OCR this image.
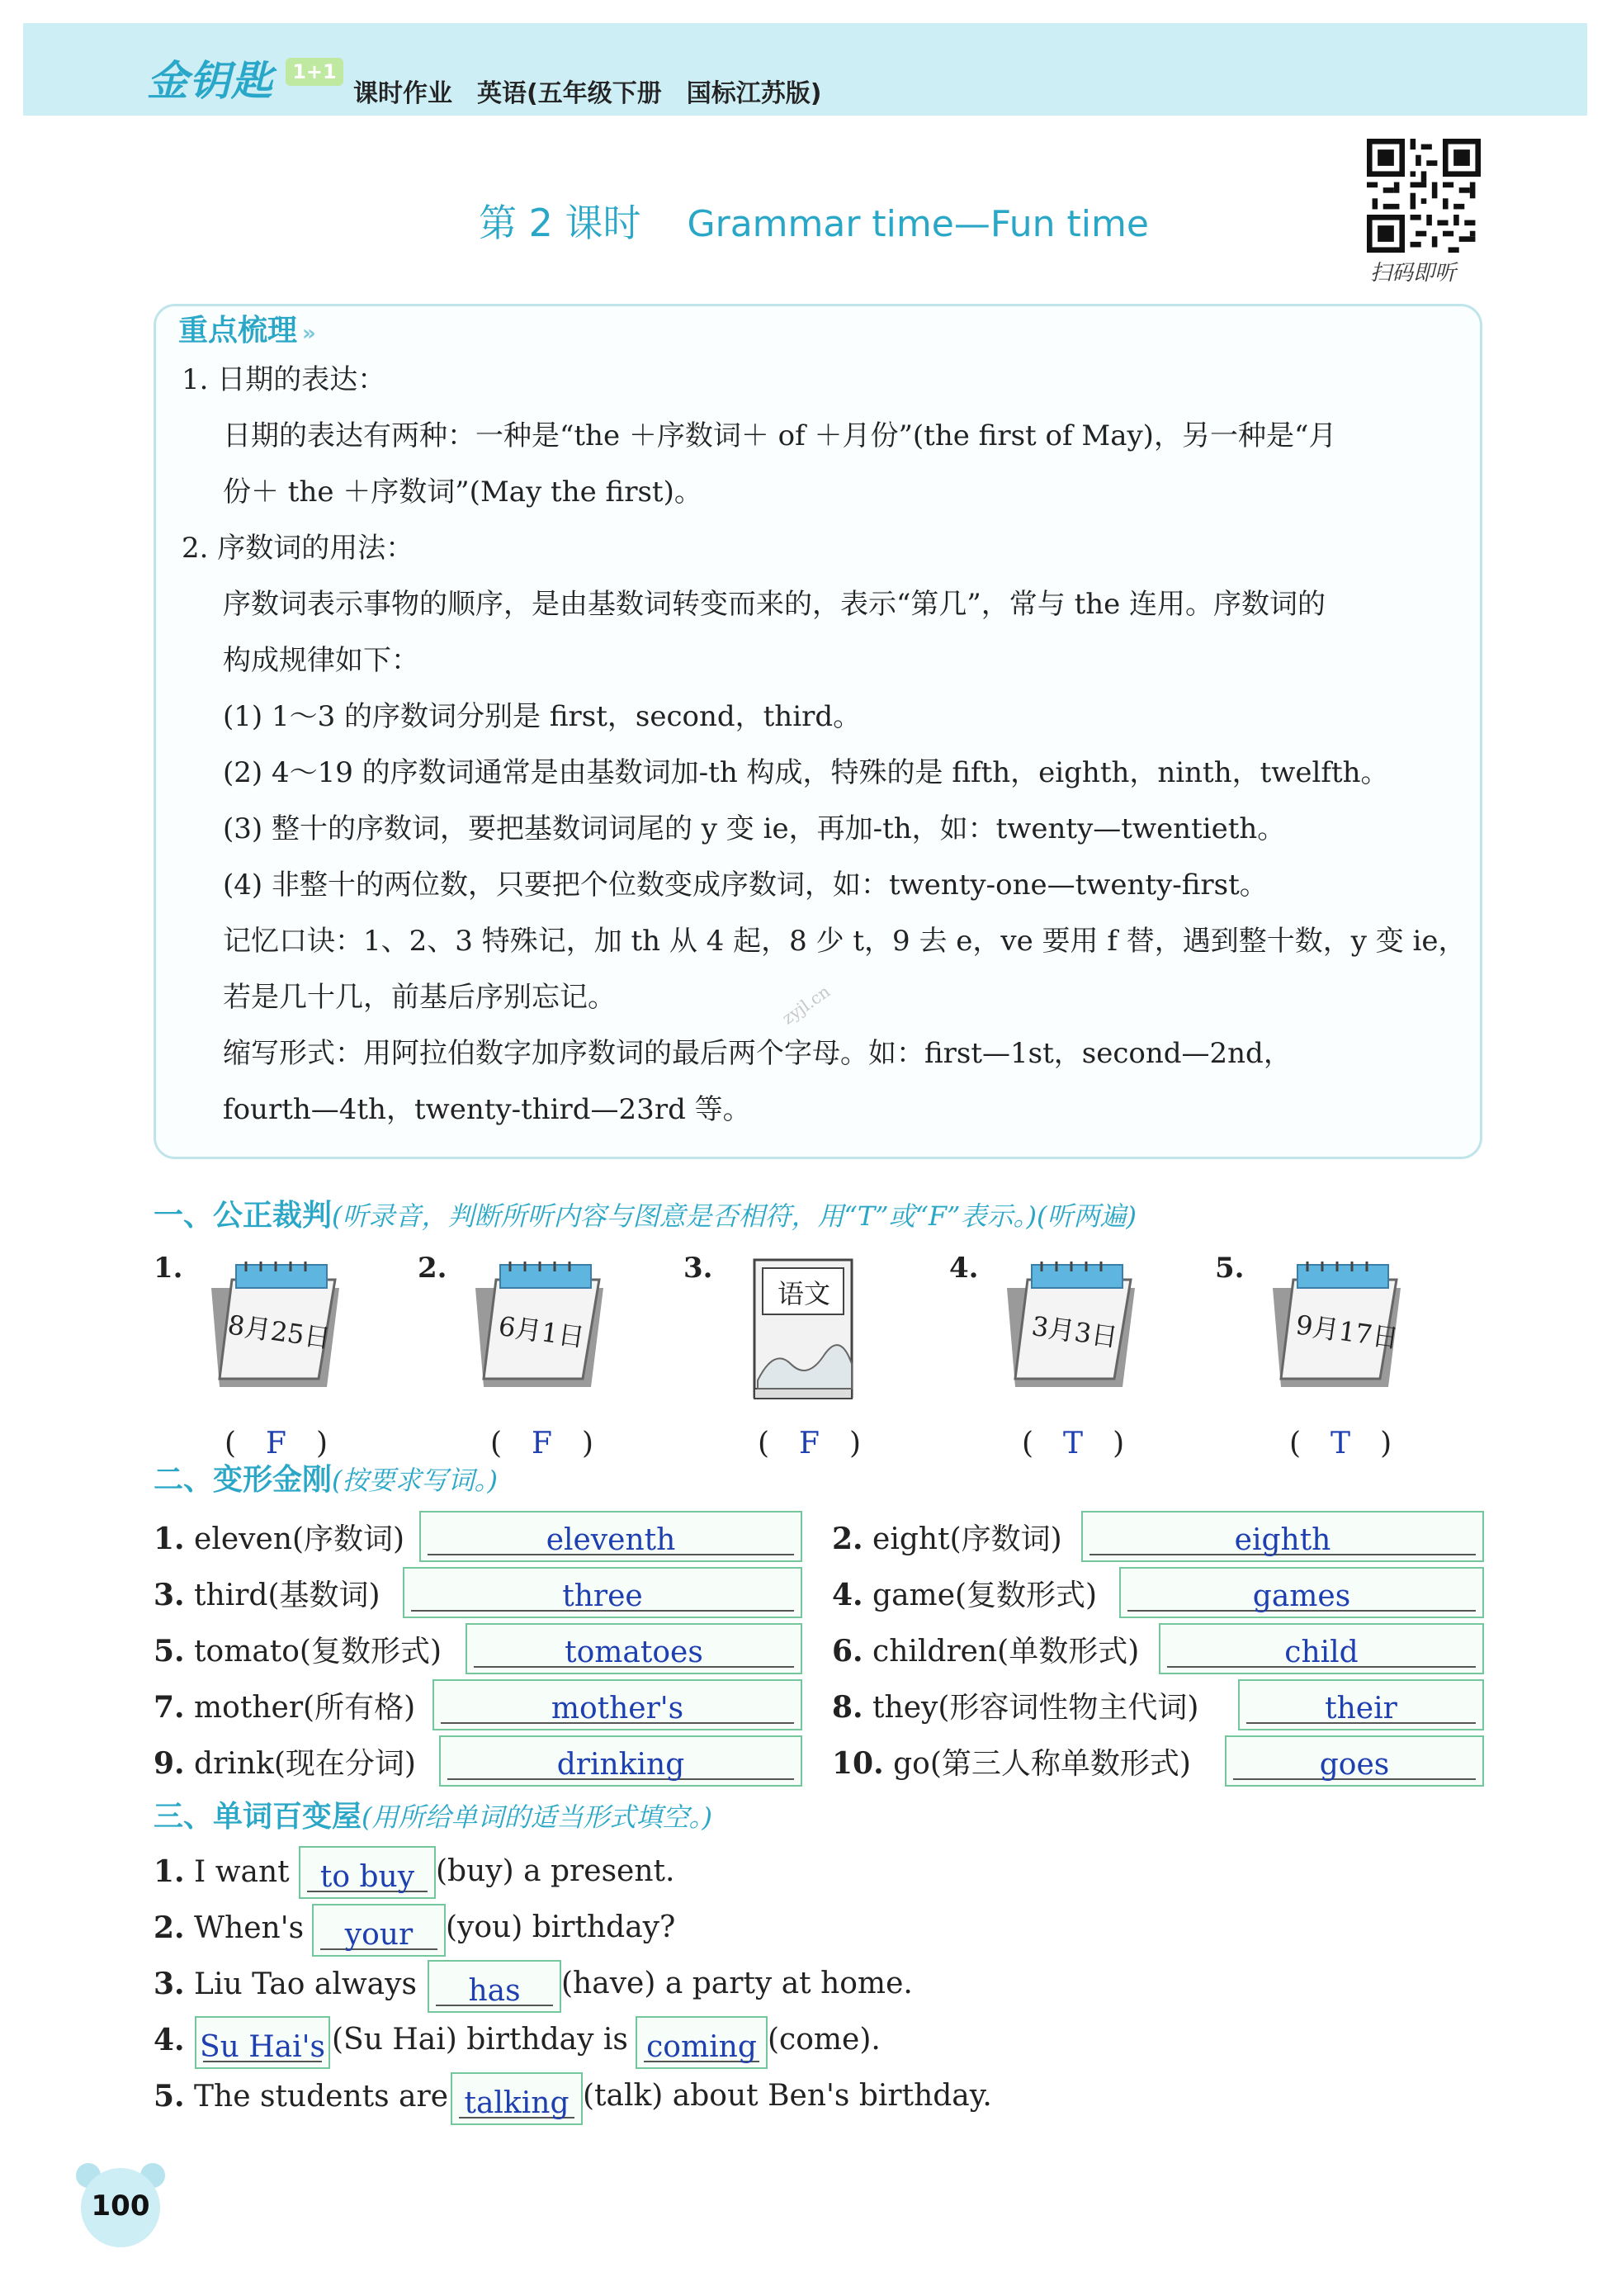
金钥匙 1+1
课时作业　英语(五年级下册　国标江苏版)
第 2 课时 Grammar time—Fun time
扫码即听
重点梳理 »
1. 日期的表达：
日期的表达有两种：一种是“the ＋序数词＋ of ＋月份”(the first of May)，另一种是“月
份＋ the ＋序数词”(May the first)。
2. 序数词的用法：
序数词表示事物的顺序，是由基数词转变而来的，表示“第几”，常与 the 连用。序数词的
构成规律如下：
(1) 1～3 的序数词分别是 first，second，third。
(2) 4～19 的序数词通常是由基数词加-th 构成，特殊的是 fifth，eighth，ninth，twelfth。
(3) 整十的序数词，要把基数词词尾的 y 变 ie，再加-th，如：twenty—twentieth。
(4) 非整十的两位数，只要把个位数变成序数词，如：twenty-one—twenty-first。
记忆口诀：1、2、3 特殊记，加 th 从 4 起，8 少 t，9 去 e，ve 要用 f 替，遇到整十数，y 变 ie，
若是几十几，前基后序别忘记。
缩写形式：用阿拉伯数字加序数词的最后两个字母。如：first—1st，second—2nd，
fourth—4th，twenty-third—23rd 等。
zyjl.cn
一、公正裁判(听录音，判断所听内容与图意是否相符，用“T”或“F”表示。)(听两遍)
1.
8月25日
(　F　)
2.
6月1日
(　F　)
3.
语文
(　F　)
4.
3月3日
(　T　)
5.
9月17日
(　T　)
二、变形金刚(按要求写词。)
1. eleven(序数词)	eleventh	2. eight(序数词)	eighth
3. third(基数词)	three	4. game(复数形式)	games
5. tomato(复数形式)	tomatoes	6. children(单数形式)	child
7. mother(所有格)	mother's	8. they(形容词性物主代词)	their
9. drink(现在分词)	drinking	10. go(第三人称单数形式)	goes
三、单词百变屋(用所给单词的适当形式填空。)
1. I want	to buy (buy) a present.
2. When's	your	(you) birthday?
3. Liu Tao always	has	(have) a party at home.
4. Su Hai's (Su Hai) birthday is coming (come).
5. The students are talking (talk) about Ben's birthday.
100
